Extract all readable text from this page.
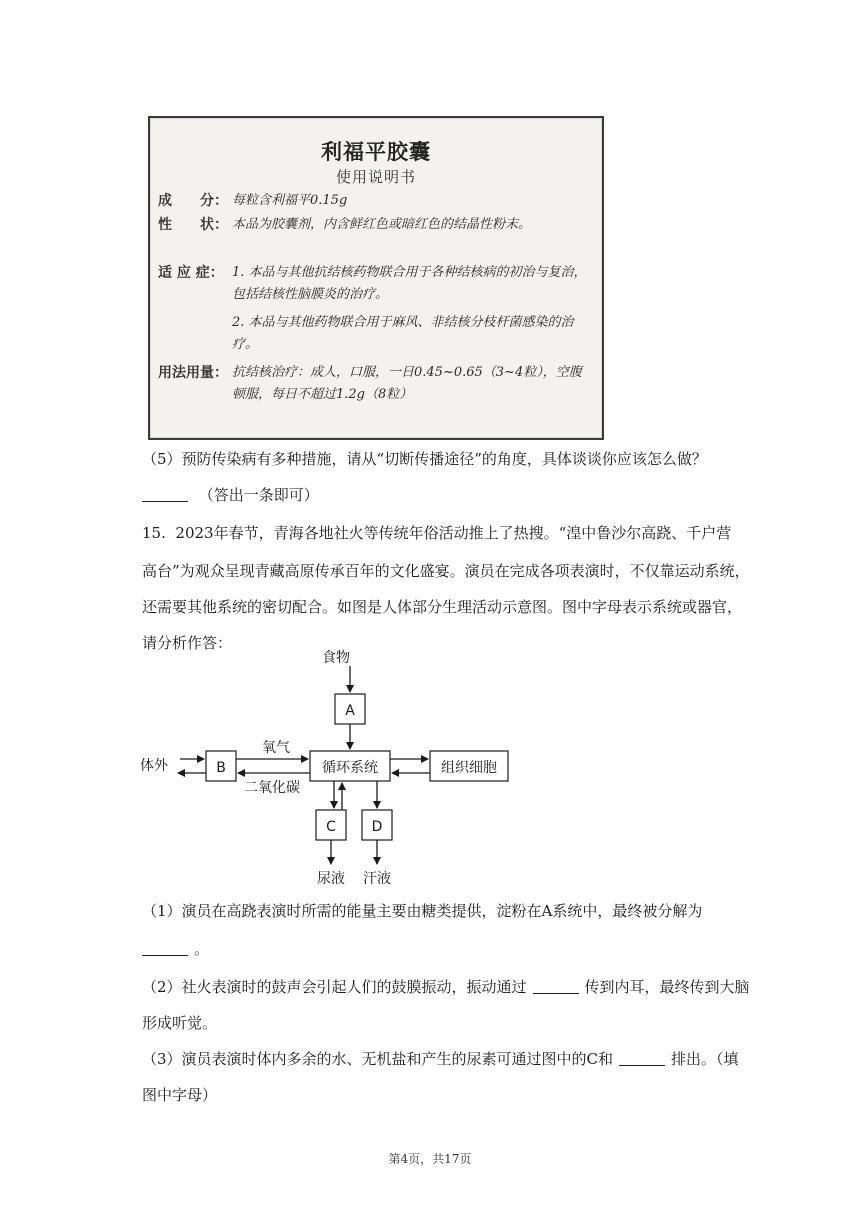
利福平胶囊
使用说明书
成　　分： 每粒含利福平0.15g
性　　状： 本品为胶囊剂，内含鲜红色或暗红色的结晶性粉末。
适 应 症： 1. 本品与其他抗结核药物联合用于各种结核病的初治与复治，包括结核性脑膜炎的治疗。
2. 本品与其他药物联合用于麻风、非结核分枝杆菌感染的治疗。
用法用量： 抗结核治疗：成人，口服，一日0.45~0.65（3~4粒），空腹顿服，每日不超过1.2g（8粒）
（5）预防传染病有多种措施，请从“切断传播途径”的角度，具体谈谈你应该怎么做？
（答出一条即可）
15. 2023年春节，青海各地社火等传统年俗活动推上了热搜。“湟中鲁沙尔高跷、千户营
高台”为观众呈现青藏高原传承百年的文化盛宴。演员在完成各项表演时，不仅靠运动系统，
还需要其他系统的密切配合。如图是人体部分生理活动示意图。图中字母表示系统或器官，
请分析作答：
食物
A
循环系统	组织细胞
B
氧气
二氧化碳
体外
C
尿液
D
汗液
（1）演员在高跷表演时所需的能量主要由糖类提供，淀粉在A系统中，最终被分解为
。
（2）社火表演时的鼓声会引起人们的鼓膜振动，振动通过	传到内耳，最终传到大脑
形成听觉。
（3）演员表演时体内多余的水、无机盐和产生的尿素可通过图中的C和	排出。（填
图中字母）
第4页，共17页
